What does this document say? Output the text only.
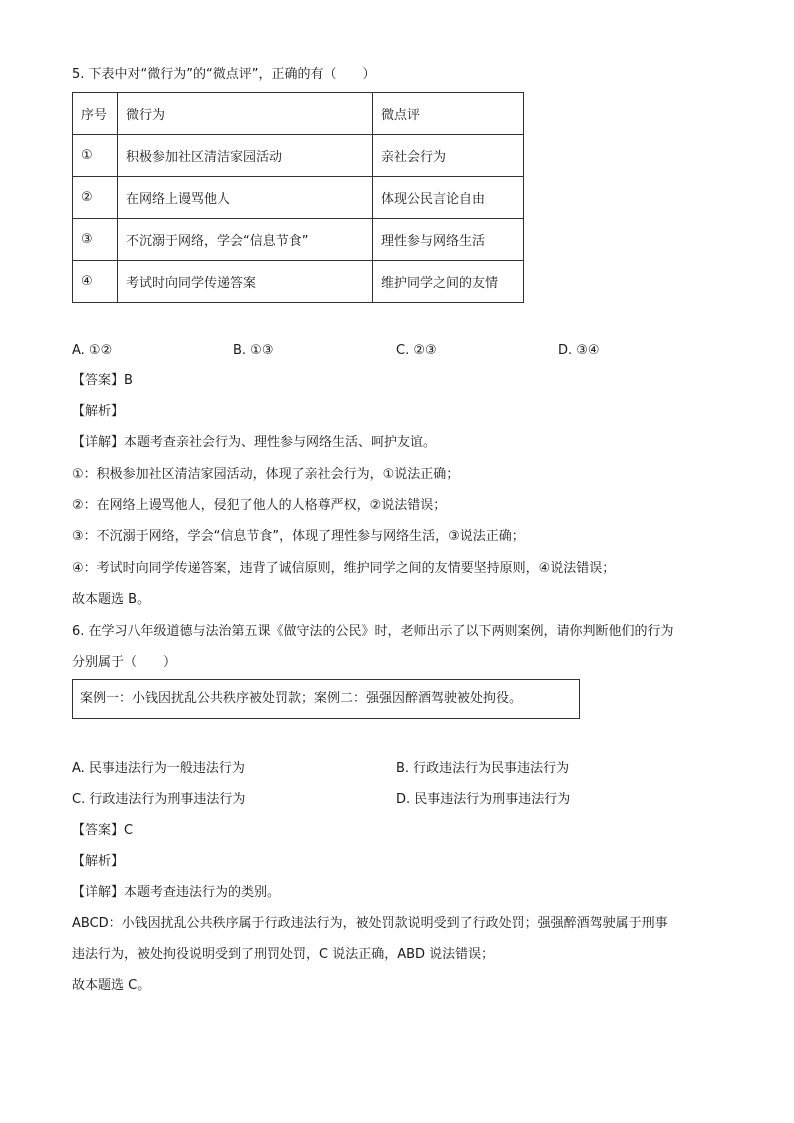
5. 下表中对“微行为”的“微点评”，正确的有（　　）
序号	微行为	微点评
①	积极参加社区清洁家园活动	亲社会行为
②	在网络上谩骂他人	体现公民言论自由
③	不沉溺于网络，学会“信息节食”	理性参与网络生活
④	考试时向同学传递答案	维护同学之间的友情
A. ①②	B. ①③	C. ②③	D. ③④
【答案】B
【解析】
【详解】本题考查亲社会行为、理性参与网络生活、呵护友谊。
①：积极参加社区清洁家园活动，体现了亲社会行为，①说法正确；
②：在网络上谩骂他人，侵犯了他人的人格尊严权，②说法错误；
③：不沉溺于网络，学会“信息节食”，体现了理性参与网络生活，③说法正确；
④：考试时向同学传递答案，违背了诚信原则，维护同学之间的友情要坚持原则，④说法错误；
故本题选 B。
6. 在学习八年级道德与法治第五课《做守法的公民》时，老师出示了以下两则案例，请你判断他们的行为
分别属于（　　）
案例一：小钱因扰乱公共秩序被处罚款；案例二：强强因醉酒驾驶被处拘役。
A. 民事违法行为一般违法行为	B. 行政违法行为民事违法行为
C. 行政违法行为刑事违法行为	D. 民事违法行为刑事违法行为
【答案】C
【解析】
【详解】本题考查违法行为的类别。
ABCD：小钱因扰乱公共秩序属于行政违法行为，被处罚款说明受到了行政处罚；强强醉酒驾驶属于刑事
违法行为，被处拘役说明受到了刑罚处罚，C 说法正确，ABD 说法错误；
故本题选 C。
